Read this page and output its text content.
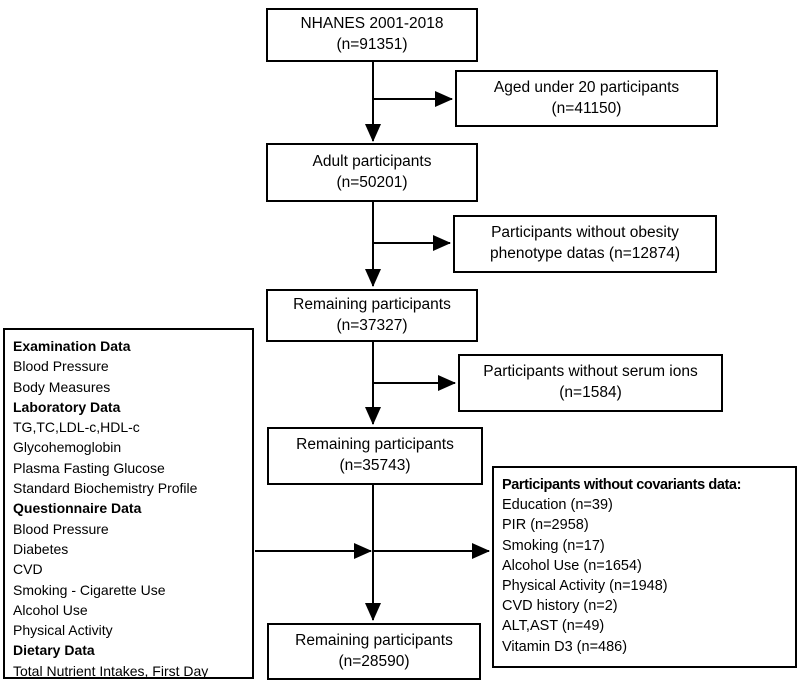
NHANES 2001-2018
(n=91351)
Aged under 20 participants
(n=41150)
Adult participants
(n=50201)
Participants without obesity
phenotype datas (n=12874)
Remaining participants
(n=37327)
Participants without serum ions
(n=1584)
Remaining participants
(n=35743)
Remaining participants
(n=28590)
Examination Data
Blood Pressure
Body Measures
Laboratory Data
TG,TC,LDL-c,HDL-c
Glycohemoglobin
Plasma Fasting Glucose
Standard Biochemistry Profile
Questionnaire Data
Blood Pressure
Diabetes
CVD
Smoking - Cigarette Use
Alcohol Use
Physical Activity
Dietary Data
Total Nutrient Intakes, First Day
Participants without covariants data:
Education (n=39)
PIR (n=2958)
Smoking (n=17)
Alcohol Use (n=1654)
Physical Activity (n=1948)
CVD history (n=2)
ALT,AST (n=49)
Vitamin D3 (n=486)
